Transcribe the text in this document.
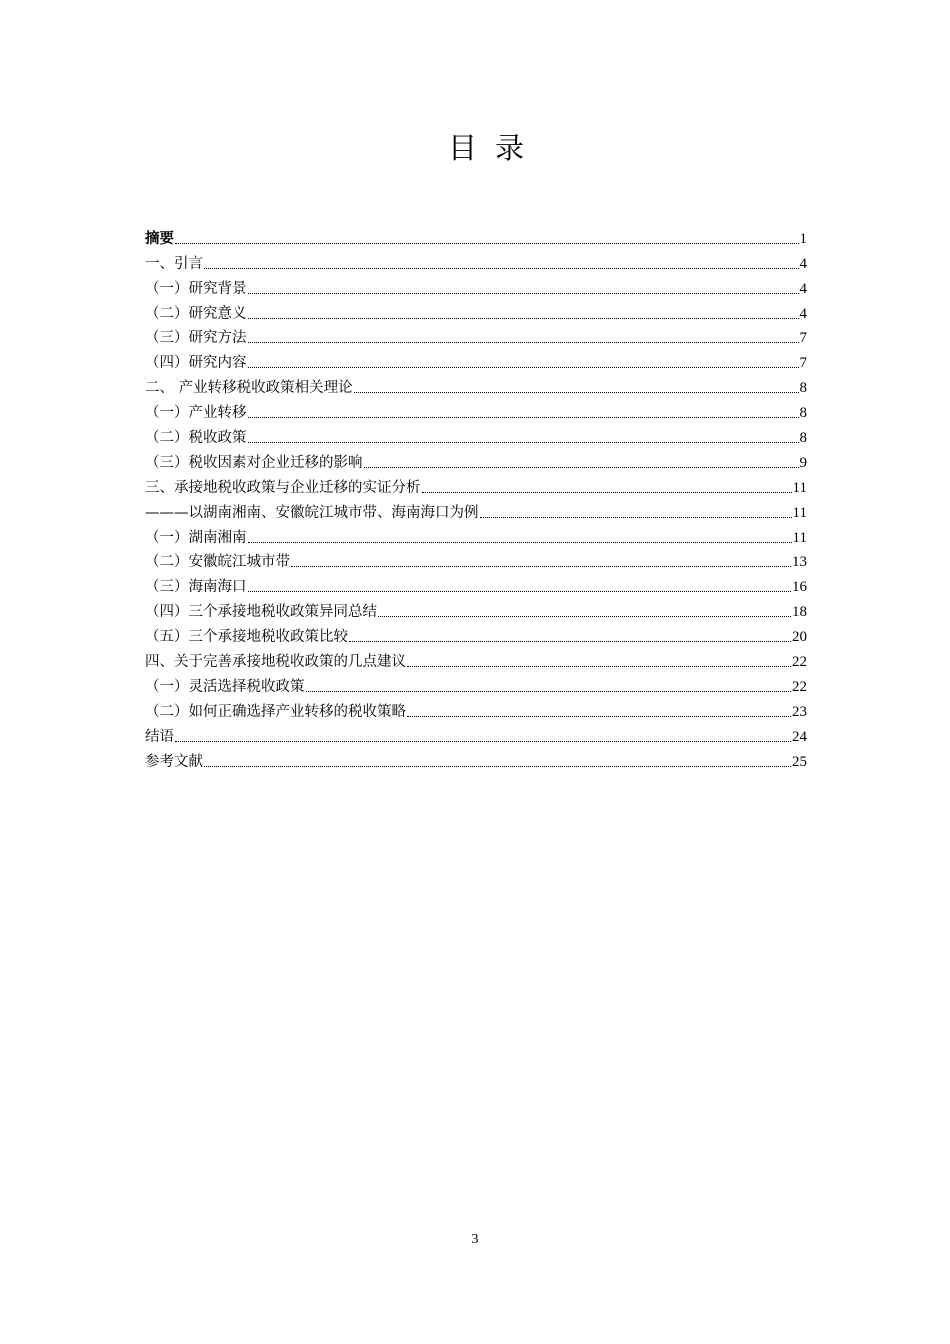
目录
摘要	1
一、引言	4
（一）研究背景	4
（二）研究意义	4
（三）研究方法	7
（四）研究内容	7
二、 产业转移税收政策相关理论	8
（一）产业转移	8
（二）税收政策	8
（三）税收因素对企业迁移的影响	9
三、承接地税收政策与企业迁移的实证分析	11
———以湖南湘南、安徽皖江城市带、海南海口为例	11
（一）湖南湘南	11
（二）安徽皖江城市带	13
（三）海南海口	16
（四）三个承接地税收政策异同总结	18
（五）三个承接地税收政策比较	20
四、关于完善承接地税收政策的几点建议	22
（一）灵活选择税收政策	22
（二）如何正确选择产业转移的税收策略	23
结语	24
参考文献	25
3
